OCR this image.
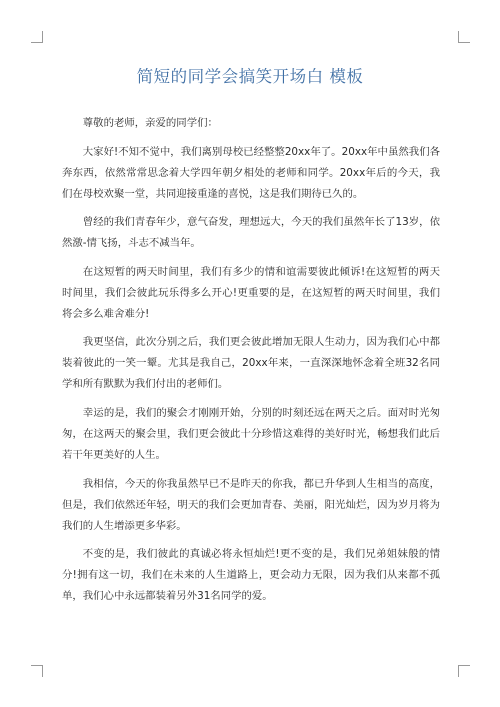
简短的同学会搞笑开场白 模板

尊敬的老师，亲爱的同学们：

大家好!不知不觉中，我们离别母校已经整整20xx年了。20xx年中虽然我们各奔东西，依然常常思念着大学四年朝夕相处的老师和同学。20xx年后的今天，我们在母校欢聚一堂，共同迎接重逢的喜悦，这是我们期待已久的。

曾经的我们青春年少，意气奋发，理想远大，今天的我们虽然年长了13岁，依然激-情飞扬，斗志不减当年。

在这短暂的两天时间里，我们有多少的情和谊需要彼此倾诉!在这短暂的两天时间里，我们会彼此玩乐得多么开心!更重要的是，在这短暂的两天时间里，我们将会多么难舍难分!

我更坚信，此次分别之后，我们更会彼此增加无限人生动力，因为我们心中都装着彼此的一笑一颦。尤其是我自己，20xx年来，一直深深地怀念着全班32名同学和所有默默为我们付出的老师们。

幸运的是，我们的聚会才刚刚开始，分别的时刻还远在两天之后。面对时光匆匆，在这两天的聚会里，我们更会彼此十分珍惜这难得的美好时光，畅想我们此后若干年更美好的人生。

我相信，今天的你我虽然早已不是昨天的你我，都已升华到人生相当的高度，但是，我们依然还年轻，明天的我们会更加青春、美丽，阳光灿烂，因为岁月将为我们的人生增添更多华彩。

不变的是，我们彼此的真诚必将永恒灿烂!更不变的是，我们兄弟姐妹般的情分!拥有这一切，我们在未来的人生道路上，更会动力无限，因为我们从来都不孤单，我们心中永远都装着另外31名同学的爱。
